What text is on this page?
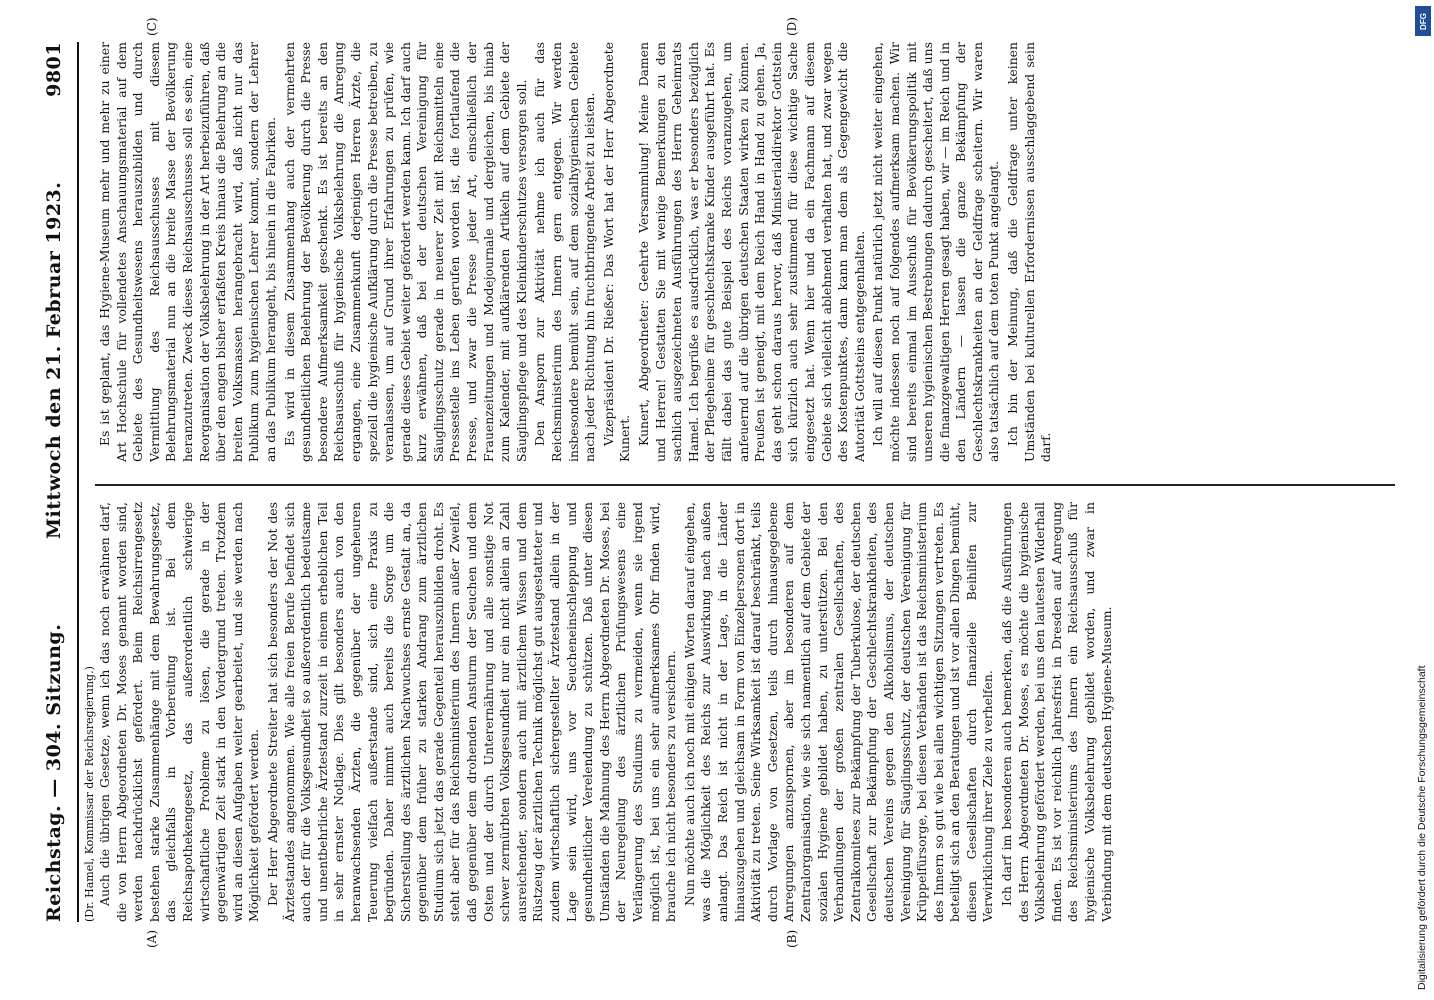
Reichstag. — 304. Sitzung.
Mittwoch den 21. Februar 1923.
9801
(Dr. Hamel, Kommissar der Reichsregierung.)
(A)	(B)
(C)	(D)

Auch die übrigen Gesetze, wenn ich das noch erwähnen darf, die von Herrn Abgeordneten Dr. Moses genannt worden sind, werden nachdrücklichst gefördert. Beim Reichsirrengesetz bestehen starke Zusammenhänge mit dem Bewahrungsgesetz, das gleichfalls in Vorbereitung ist. Bei dem Reichsapothekengesetz, das außerordentlich schwierige wirtschaftliche Probleme zu lösen, die gerade in der gegenwärtigen Zeit stark in den Vordergrund treten. Trotzdem wird an diesen Aufgaben weiter gearbeitet, und sie werden nach Möglichkeit gefördert werden. Der Herr Abgeordnete Streiter hat sich besonders der Not des Ärztestandes angenommen. Wie alle freien Berufe befindet sich auch der für die Volksgesundheit so außerordentlich bedeutsame und unentbehrliche Ärztestand zurzeit in einem erheblichen Teil in sehr ernster Notlage. Dies gilt besonders auch von den heranwachsenden Ärzten, die gegenüber der ungeheuren Teuerung vielfach außerstande sind, sich eine Praxis zu begründen. Daher nimmt auch bereits die Sorge um die Sicherstellung des ärztlichen Nachwuchses ernste Gestalt an, da gegenüber dem früher zu starken Andrang zum ärztlichen Studium sich jetzt das gerade Gegenteil herauszubilden droht. Es steht aber für das Reichsministerium des Innern außer Zweifel, daß gegenüber dem drohenden Ansturm der Seuchen und dem Osten und der durch Unterernährung und alle sonstige Not schwer zermürbten Volksgesundheit nur ein nicht allein an Zahl ausreichender, sondern auch mit ärztlichem Wissen und dem Rüstzeug der ärztlichen Technik möglichst gut ausgestatteter und zudem wirtschaftlich sichergestellter Ärztestand allein in der Lage sein wird, uns vor Seucheneinschleppung und gesundheitlicher Verelendung zu schützen. Daß unter diesen Umständen die Mahnung des Herrn Abgeordneten Dr. Moses, bei der Neuregelung des ärztlichen Prüfungswesens eine Verlängerung des Studiums zu vermeiden, wenn sie irgend möglich ist, bei uns ein sehr aufmerksames Ohr finden wird, brauche ich nicht besonders zu versichern. Nun möchte auch ich noch mit einigen Worten darauf eingehen, was die Möglichkeit des Reichs zur Auswirkung nach außen anlangt. Das Reich ist nicht in der Lage, in die Länder hinauszugehen und gleichsam in Form von Einzelpersonen dort in Aktivität zu treten. Seine Wirksamkeit ist darauf beschränkt, teils durch Vorlage von Gesetzen, teils durch hinausgegebene Anregungen anzuspornen, aber im besonderen auf dem Zentralorganisation, wie sie sich namentlich auf dem Gebiete der sozialen Hygiene gebildet haben, zu unterstützen. Bei den Verbandlungen der großen zentralen Gesellschaften, des Zentralkomitees zur Bekämpfung der Tuberkulose, der deutschen Gesellschaft zur Bekämpfung der Geschlechtskrankheiten, des deutschen Vereins gegen den Alkoholismus, der deutschen Vereinigung für Säuglingsschutz, der deutschen Vereinigung für Krüppelfürsorge, bei diesen Verbänden ist das Reichsministerium des Innern so gut wie bei allen wichtigen Sitzungen vertreten. Es beteiligt sich an den Beratungen und ist vor allen Dingen bemüht, diesen Gesellschaften durch finanzielle Beihilfen zur Verwirklichung ihrer Ziele zu verhelfen. Ich darf im besonderen auch bemerken, daß die Ausführungen des Herrn Abgeordneten Dr. Moses, es möchte die hygienische Volksbelehrung gefördert werden, bei uns den lautesten Widerhall finden. Es ist vor reichlich Jahresfrist in Dresden auf Anregung des Reichsministeriums des Innern ein Reichsausschuß für hygienische Volksbelehrung gebildet worden, und zwar in Verbindung mit dem deutschen Hygiene-Museum.

Es ist geplant, das Hygiene-Museum mehr und mehr zu einer Art Hochschule für vollendetes Anschauungsmaterial auf dem Gebiete des Gesundheitswesens herauszubilden und durch Vermittlung des Reichsausschusses mit diesem Belehrungsmaterial nun an die breite Masse der Bevölkerung heranzutreten. Zweck dieses Reichsausschusses soll es sein, eine Reorganisation der Volksbelehrung in der Art herbeizuführen, daß über den engen bisher erfaßten Kreis hinaus die Belehrung an die breiten Volksmassen herangebracht wird, daß nicht nur das Publikum zum hygienischen Lehrer kommt, sondern der Lehrer an das Publikum herangeht, bis hinein in die Fabriken. Es wird in diesem Zusammenhang auch der vermehrten gesundheitlichen Belehrung der Bevölkerung durch die Presse besondere Aufmerksamkeit geschenkt. Es ist bereits an den Reichsausschuß für hygienische Volksbelehrung die Anregung ergangen, eine Zusammenkunft derjenigen Herren Ärzte, die speziell die hygienische Aufklärung durch die Presse betreiben, zu veranlassen, um auf Grund ihrer Erfahrungen zu prüfen, wie gerade dieses Gebiet weiter gefördert werden kann. Ich darf auch kurz erwähnen, daß bei der deutschen Vereinigung für Säuglingsschutz gerade in neuerer Zeit mit Reichsmitteln eine Pressestelle ins Leben gerufen worden ist, die fortlaufend die Presse, und zwar die Presse jeder Art, einschließlich der Frauenzeitungen und Modejournale und dergleichen, bis hinab zum Kalender, mit aufklärenden Artikeln auf dem Gebiete der Säuglingspflege und des Kleinkinderschutzes versorgen soll. Den Ansporn zur Aktivität nehme ich auch für das Reichsministerium des Innern gern entgegen. Wir werden insbesondere bemüht sein, auf dem sozialhygienischen Gebiete nach jeder Richtung hin fruchtbringende Arbeit zu leisten. Vizepräsident Dr. Rießer: Das Wort hat der Herr Abgeordnete Kunert. Kunert, Abgeordneter: Geehrte Versammlung! Meine Damen und Herren! Gestatten Sie mit wenige Bemerkungen zu den sachlich ausgezeichneten Ausführungen des Herrn Geheimrats Hamel. Ich begrüße es ausdrücklich, was er besonders bezüglich der Pflegeheime für geschlechtskranke Kinder ausgeführt hat. Es fällt dabei das gute Beispiel des Reichs voranzugehen, um anfeuernd auf die übrigen deutschen Staaten wirken zu können. Preußen ist geneigt, mit dem Reich Hand in Hand zu gehen. Ja, das geht schon daraus hervor, daß Ministerialdirektor Gottstein sich kürzlich auch sehr zustimmend für diese wichtige Sache eingesetzt hat. Wenn hier und da ein Fachmann auf diesem Gebiete sich vielleicht ablehnend verhalten hat, und zwar wegen des Kostenpunktes, dann kann man dem als Gegengewicht die Autorität Gottsteins entgegenhalten. Ich will auf diesen Punkt natürlich jetzt nicht weiter eingehen, möchte indessen noch auf folgendes aufmerksam machen. Wir sind bereits einmal im Ausschuß für Bevölkerungspolitik mit unseren hygienischen Bestrebungen dadurch gescheitert, daß uns die finanzgewaltigen Herren gesagt haben, wir — im Reich und in den Ländern — lassen die ganze Bekämpfung der Geschlechtskrankheiten an der Geldfrage scheitern. Wir waren also tatsächlich auf dem toten Punkt angelangt. Ich bin der Meinung, daß die Geldfrage unter keinen Umständen bei kulturellen Erfordernissen ausschlaggebend sein darf.

DFG
Digitalisierung gefördert durch die Deutsche Forschungsgemeinschaft
